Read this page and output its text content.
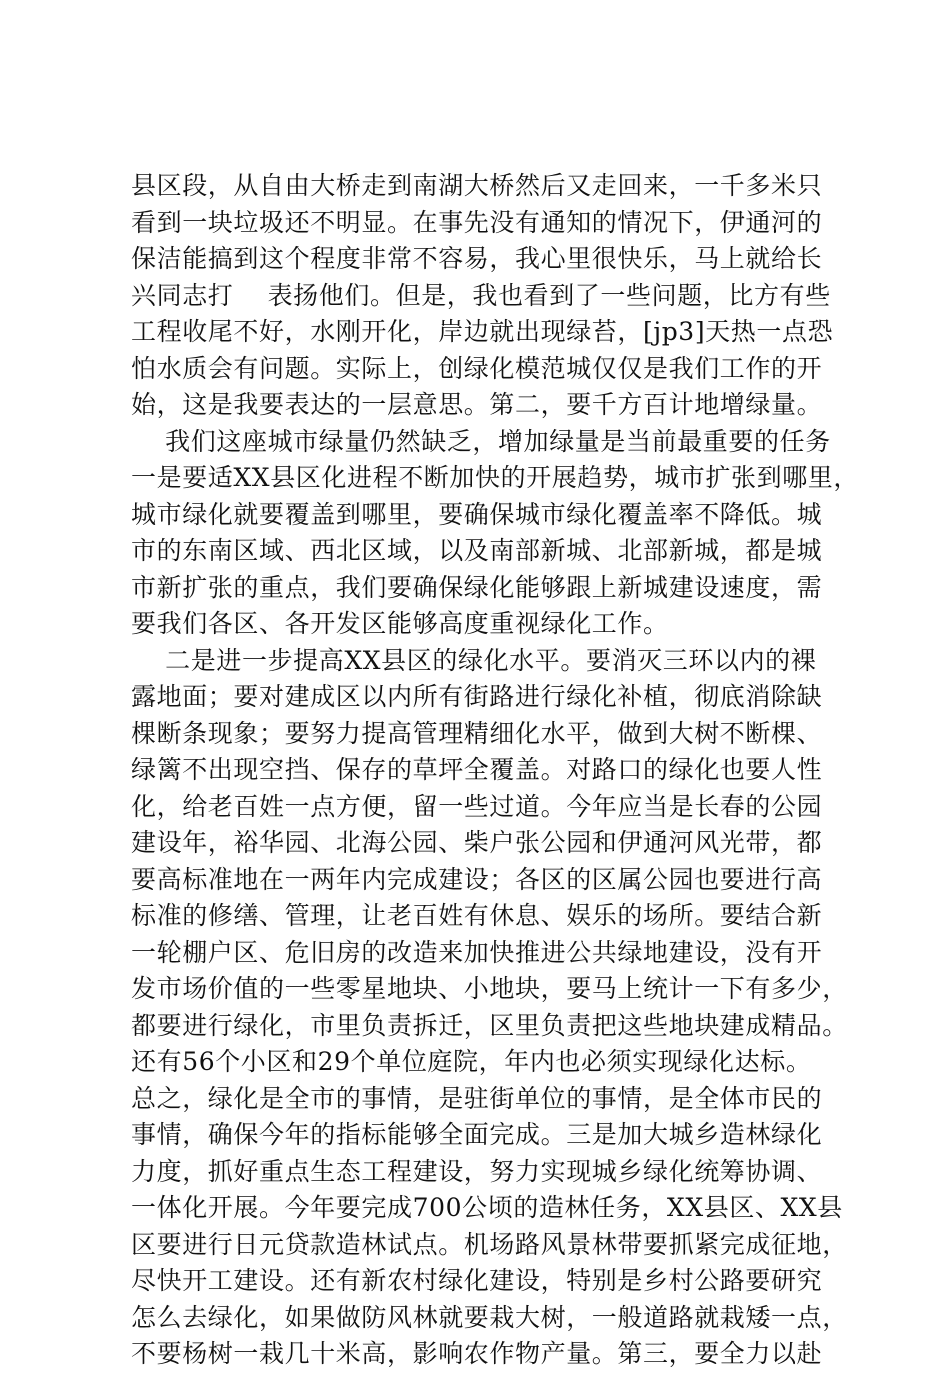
县区段，从自由大桥走到南湖大桥然后又走回来，一千多米只
看到一块垃圾还不明显。在事先没有通知的情况下，伊通河的
保洁能搞到这个程度非常不容易，我心里很快乐，马上就给长
兴同志打    表扬他们。但是，我也看到了一些问题，比方有些
工程收尾不好，水刚开化，岸边就出现绿苔，[jp3]天热一点恐
怕水质会有问题。实际上，创绿化模范城仅仅是我们工作的开
始，这是我要表达的一层意思。第二，要千方百计地增绿量。
我们这座城市绿量仍然缺乏，增加绿量是当前最重要的任务
一是要适XX县区化进程不断加快的开展趋势，城市扩张到哪里，
城市绿化就要覆盖到哪里，要确保城市绿化覆盖率不降低。城
市的东南区域、西北区域，以及南部新城、北部新城，都是城
市新扩张的重点，我们要确保绿化能够跟上新城建设速度，需
要我们各区、各开发区能够高度重视绿化工作。
二是进一步提高XX县区的绿化水平。要消灭三环以内的裸
露地面；要对建成区以内所有街路进行绿化补植，彻底消除缺
棵断条现象；要努力提高管理精细化水平，做到大树不断棵、
绿篱不出现空挡、保存的草坪全覆盖。对路口的绿化也要人性
化，给老百姓一点方便，留一些过道。今年应当是长春的公园
建设年，裕华园、北海公园、柴户张公园和伊通河风光带，都
要高标准地在一两年内完成建设；各区的区属公园也要进行高
标准的修缮、管理，让老百姓有休息、娱乐的场所。要结合新
一轮棚户区、危旧房的改造来加快推进公共绿地建设，没有开
发市场价值的一些零星地块、小地块，要马上统计一下有多少，
都要进行绿化，市里负责拆迁，区里负责把这些地块建成精品。
还有56个小区和29个单位庭院，年内也必须实现绿化达标。
总之，绿化是全市的事情，是驻街单位的事情，是全体市民的
事情，确保今年的指标能够全面完成。三是加大城乡造林绿化
力度，抓好重点生态工程建设，努力实现城乡绿化统筹协调、
一体化开展。今年要完成700公顷的造林任务，XX县区、XX县
区要进行日元贷款造林试点。机场路风景林带要抓紧完成征地，
尽快开工建设。还有新农村绿化建设，特别是乡村公路要研究
怎么去绿化，如果做防风林就要栽大树，一般道路就栽矮一点，
不要杨树一栽几十米高，影响农作物产量。第三，要全力以赴
